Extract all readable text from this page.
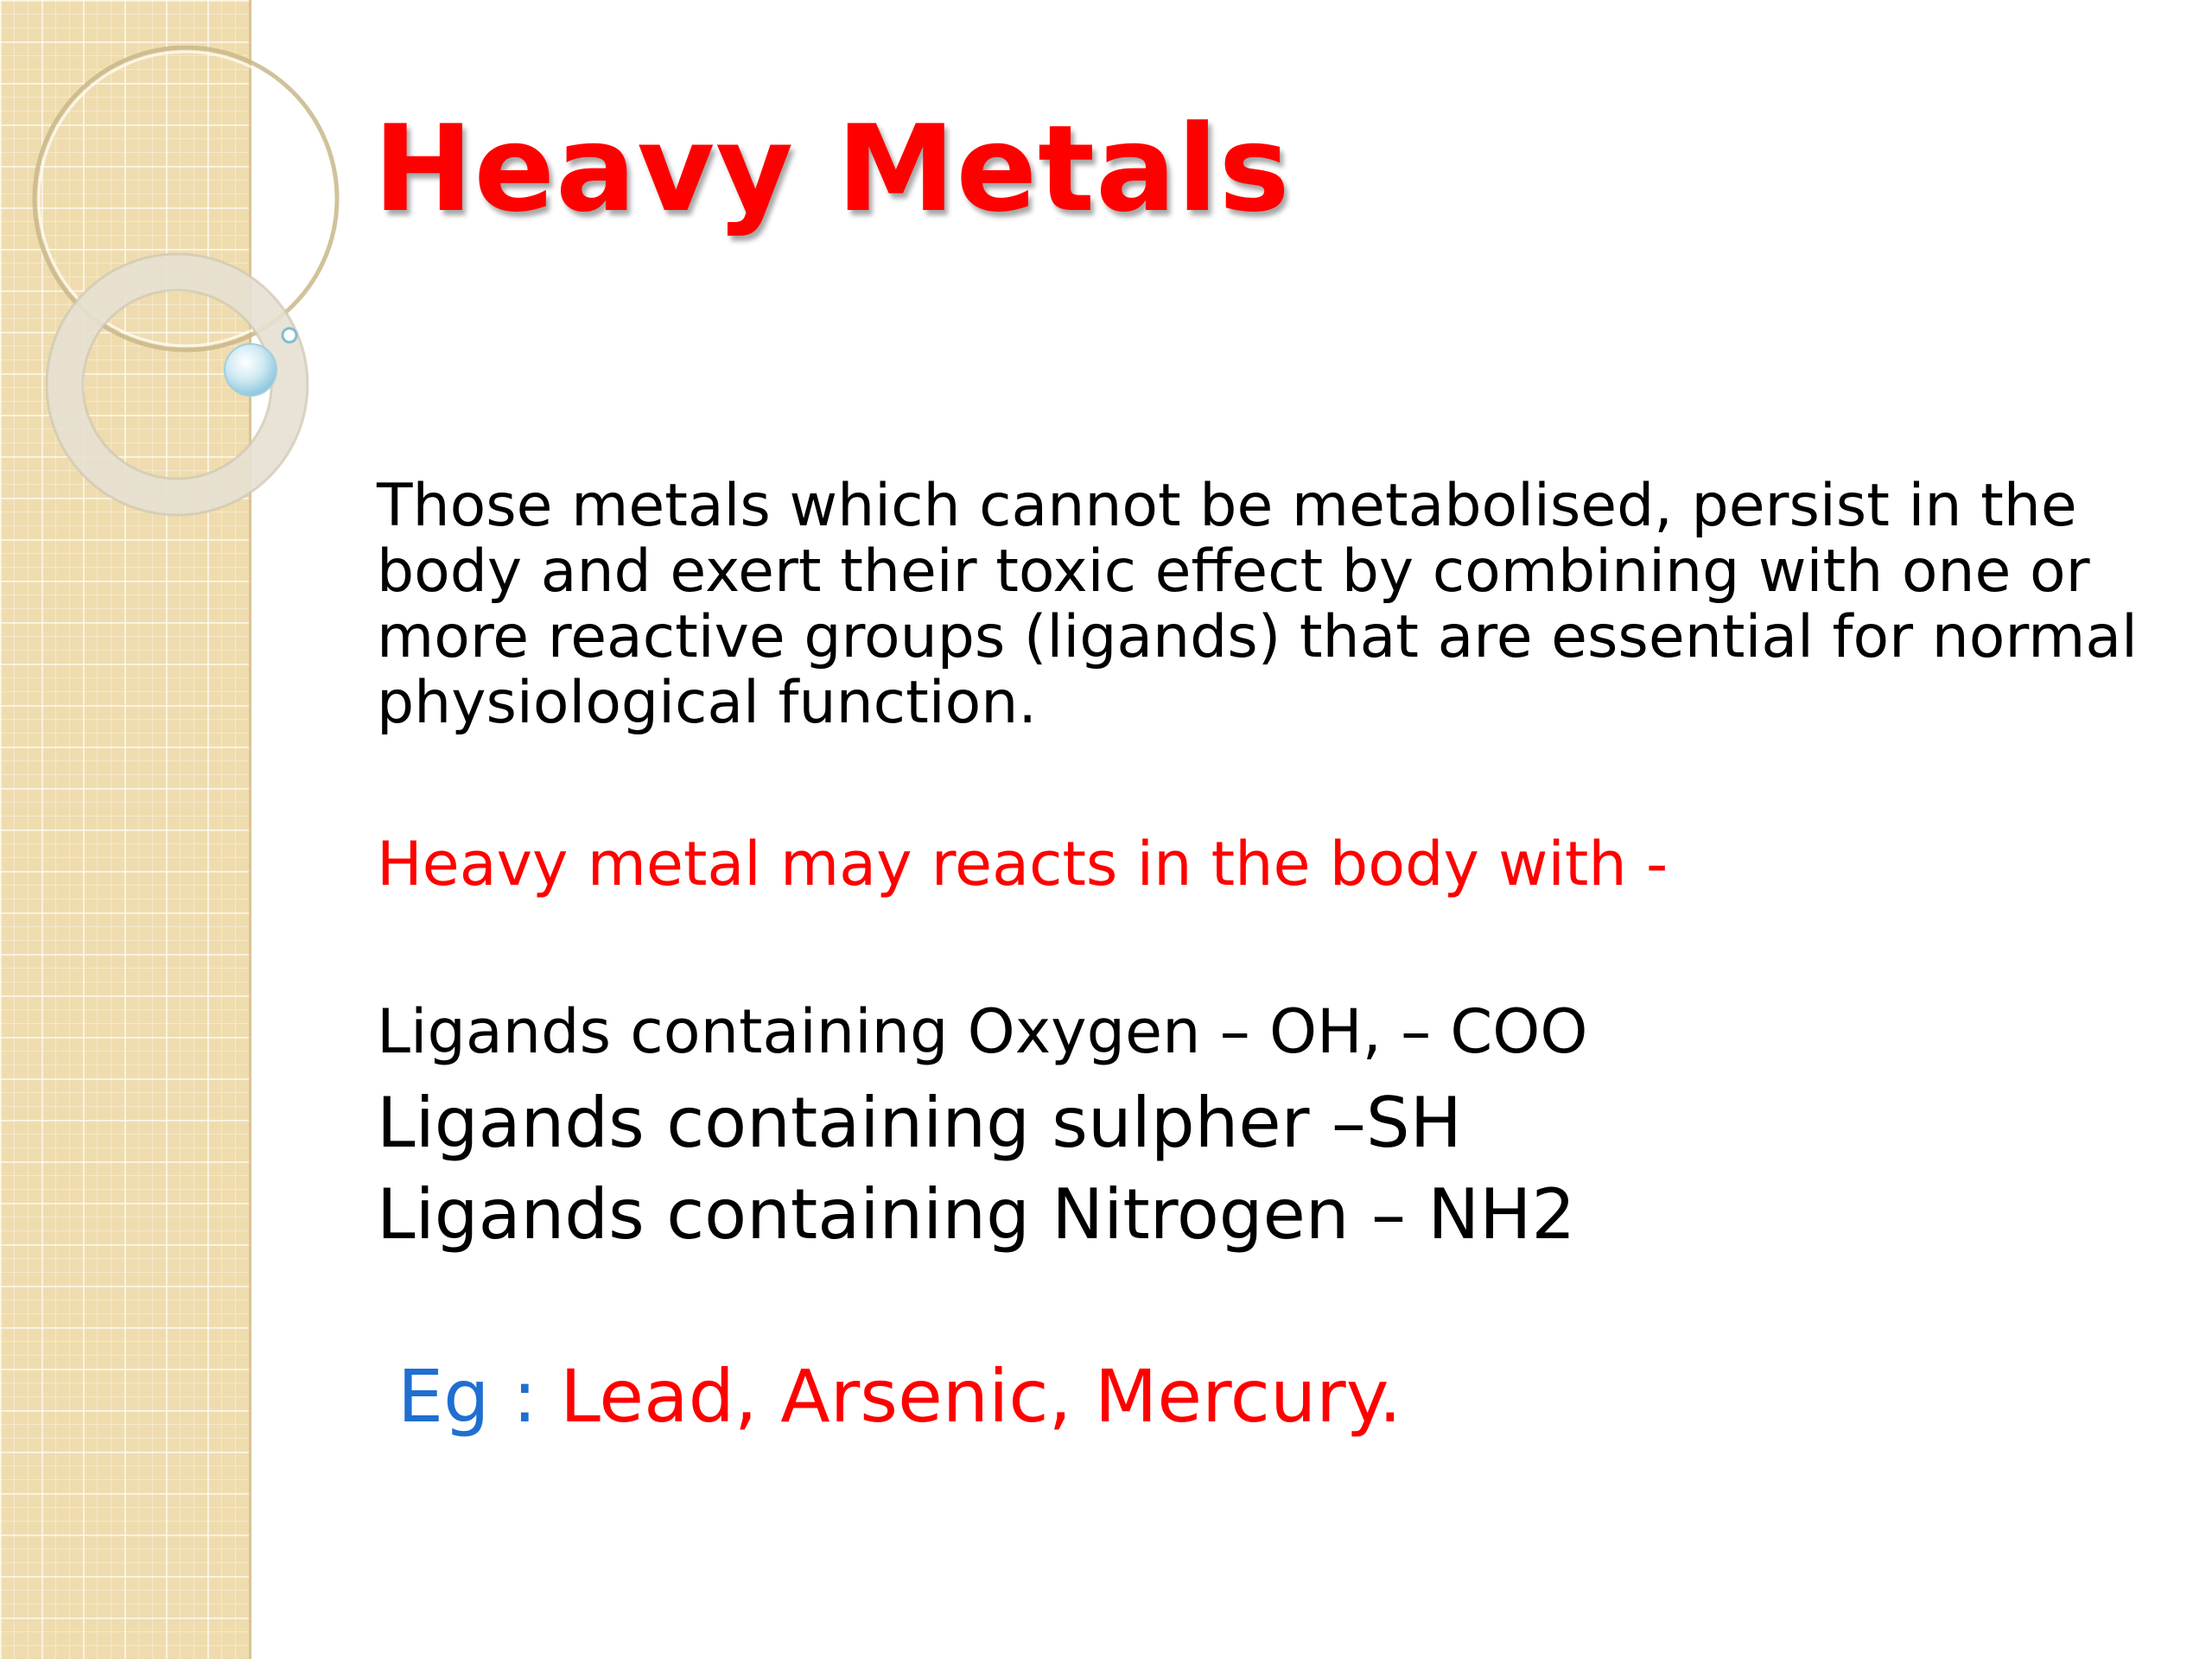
Heavy Metals

Those metals which cannot be metabolised, persist in the body and exert their toxic effect by combining with one or more reactive groups (ligands) that are essential for normal physiological function.

Heavy metal may reacts in the body with -

Ligands containing Oxygen – OH, – COO

Ligands containing sulpher –SH

Ligands containing Nitrogen – NH2

Eg : Lead, Arsenic, Mercury.
